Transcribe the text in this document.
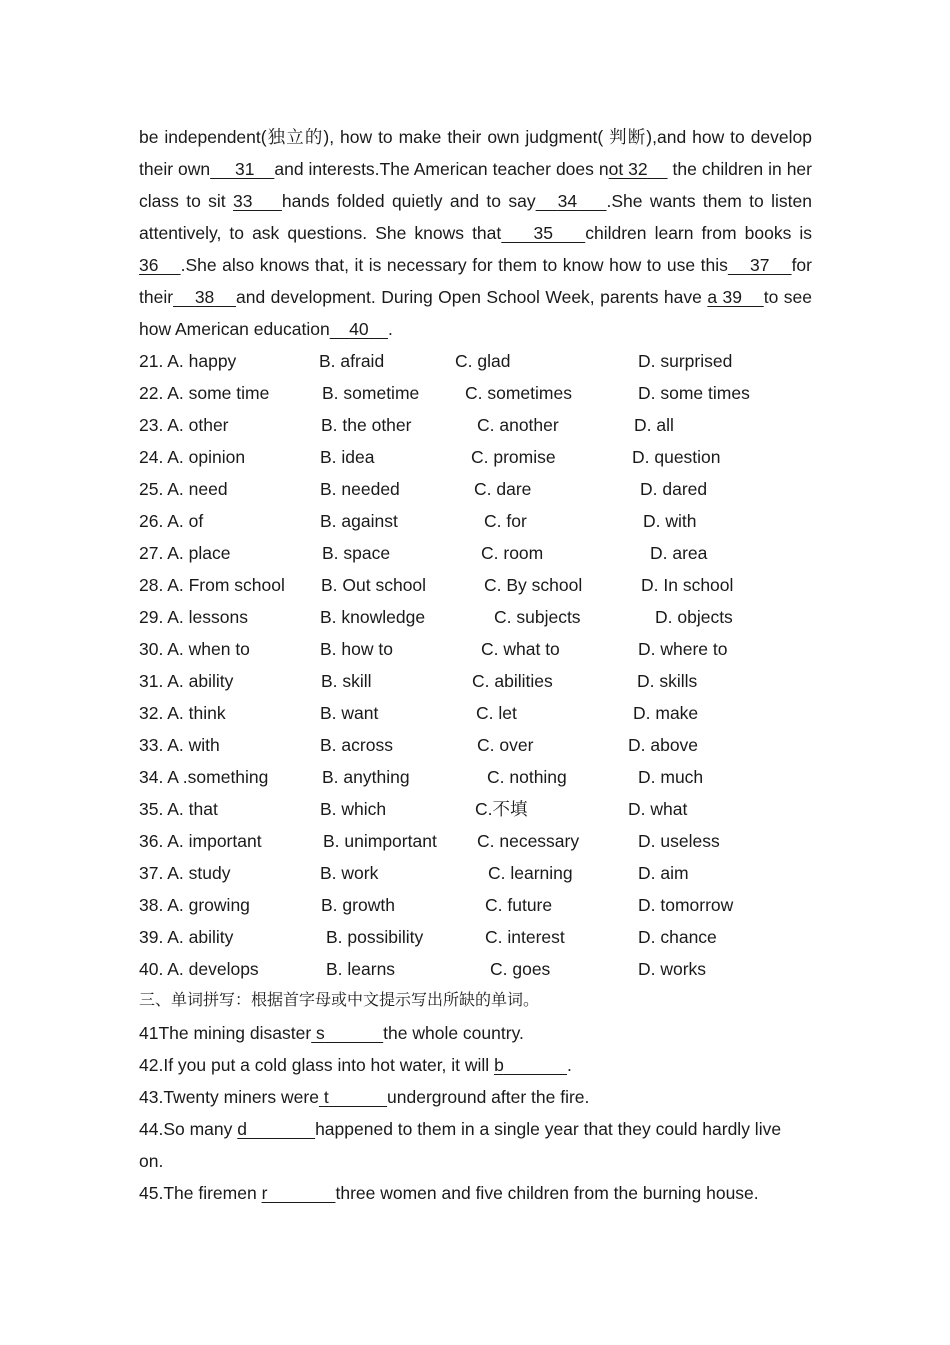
be independent(独立的), how to make their own judgment( 判断),and how to develop
their own 31 and interests.The American teacher does not 32 the children in her
class to sit 33 hands folded quietly and to say 34 .She wants them to listen
attentively, to ask questions. She knows that 35 children learn from books is
36 .She also knows that, it is necessary for them to know how to use this 37 for
their 38 and development. During Open School Week, parents have a 39 to see
how American education 40 .
21. A. happy	B. afraid	C. glad	D. surprised
22. A. some time	B. sometime	C. sometimes	D. some times
23. A. other	B. the other	C. another	D. all
24. A. opinion	B. idea	C. promise	D. question
25. A. need	B. needed	C. dare	D. dared
26. A. of	B. against	C. for	D. with
27. A. place	B. space	C. room	D. area
28. A. From school B. Out school	C. By school	D. In school
29. A. lessons	B. knowledge	C. subjects	D. objects
30. A. when to	B. how to	C. what to	D. where to
31. A. ability	B. skill	C. abilities	D. skills
32. A. think	B. want	C. let	D. make
33. A. with	B. across	C. over	D. above
34. A .something	B. anything	C. nothing	D. much
35. A. that	B. which	C.不填	D. what
36. A. important	B. unimportant C. necessary	D. useless
37. A. study	B. work	C. learning	D. aim
38. A. growing	B. growth	C. future	D. tomorrow
39. A. ability	B. possibility	C. interest	D. chance
40. A. develops	B. learns	C. goes	D. works
三、单词拼写：根据首字母或中文提示写出所缺的单词。
41The mining disaster s	the whole country.
42.If you put a cold glass into hot water, it will b	.
43.Twenty miners were t	underground after the fire.
44.So many d	happened to them in a single year that they could hardly live
on.
45.The firemen r	three women and five children from the burning house.
